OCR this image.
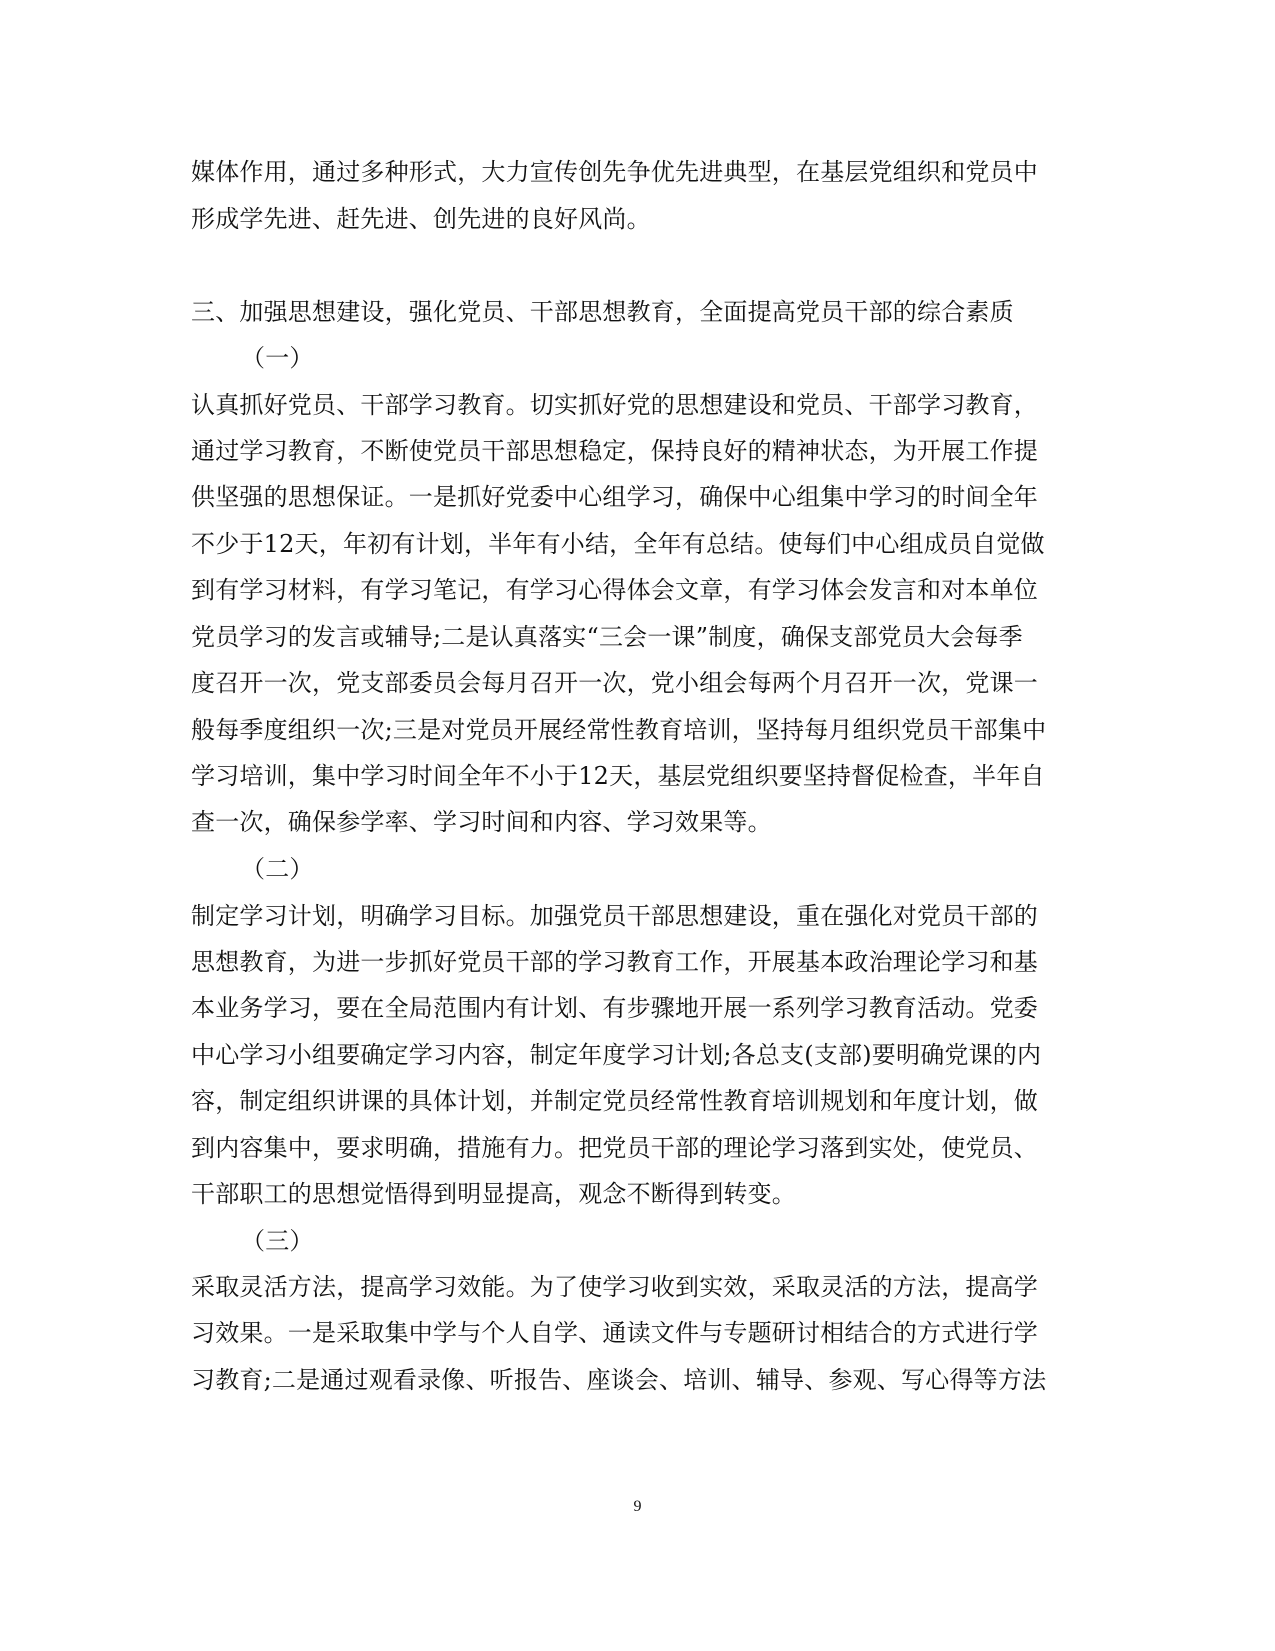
媒体作用，通过多种形式，大力宣传创先争优先进典型，在基层党组织和党员中
形成学先进、赶先进、创先进的良好风尚。
三、加强思想建设，强化党员、干部思想教育，全面提高党员干部的综合素质
（一）
认真抓好党员、干部学习教育。切实抓好党的思想建设和党员、干部学习教育，
通过学习教育，不断使党员干部思想稳定，保持良好的精神状态，为开展工作提
供坚强的思想保证。一是抓好党委中心组学习，确保中心组集中学习的时间全年
不少于12天，年初有计划，半年有小结，全年有总结。使每们中心组成员自觉做
到有学习材料，有学习笔记，有学习心得体会文章，有学习体会发言和对本单位
党员学习的发言或辅导;二是认真落实“三会一课”制度，确保支部党员大会每季
度召开一次，党支部委员会每月召开一次，党小组会每两个月召开一次，党课一
般每季度组织一次;三是对党员开展经常性教育培训，坚持每月组织党员干部集中
学习培训，集中学习时间全年不小于12天，基层党组织要坚持督促检查，半年自
查一次，确保参学率、学习时间和内容、学习效果等。
（二）
制定学习计划，明确学习目标。加强党员干部思想建设，重在强化对党员干部的
思想教育，为进一步抓好党员干部的学习教育工作，开展基本政治理论学习和基
本业务学习，要在全局范围内有计划、有步骤地开展一系列学习教育活动。党委
中心学习小组要确定学习内容，制定年度学习计划;各总支(支部)要明确党课的内
容，制定组织讲课的具体计划，并制定党员经常性教育培训规划和年度计划，做
到内容集中，要求明确，措施有力。把党员干部的理论学习落到实处，使党员、
干部职工的思想觉悟得到明显提高，观念不断得到转变。
（三）
采取灵活方法，提高学习效能。为了使学习收到实效，采取灵活的方法，提高学
习效果。一是采取集中学与个人自学、通读文件与专题研讨相结合的方式进行学
习教育;二是通过观看录像、听报告、座谈会、培训、辅导、参观、写心得等方法
9
